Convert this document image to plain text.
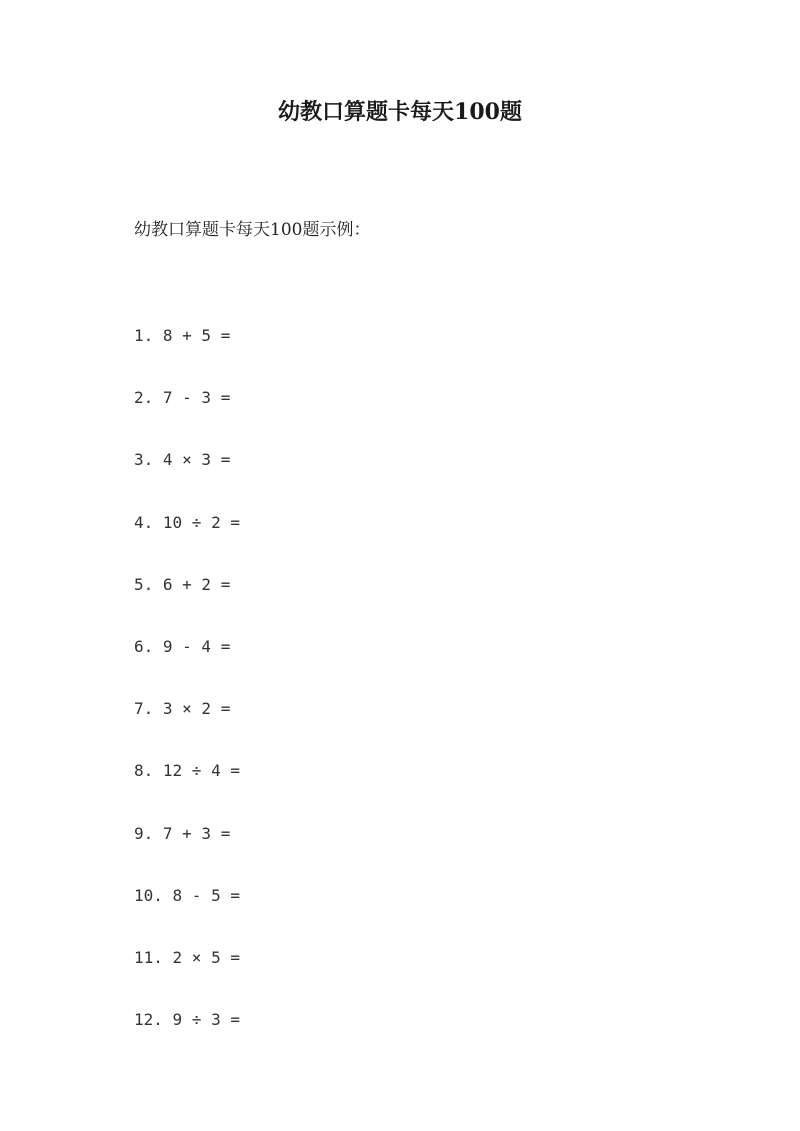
幼教口算题卡每天100题

幼教口算题卡每天100题示例：

1. 8 + 5 =
2. 7 - 3 =
3. 4 × 3 =
4. 10 ÷ 2 =
5. 6 + 2 =
6. 9 - 4 =
7. 3 × 2 =
8. 12 ÷ 4 =
9. 7 + 3 =
10. 8 - 5 =
11. 2 × 5 =
12. 9 ÷ 3 =
